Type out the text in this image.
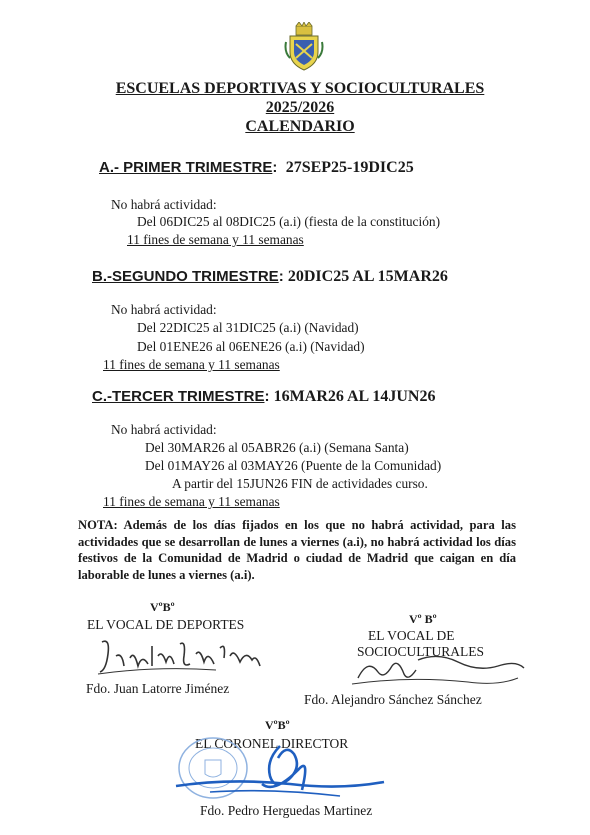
ESCUELAS DEPORTIVAS Y SOCIOCULTURALES
2025/2026
CALENDARIO
A.- PRIMER TRIMESTRE: 27SEP25-19DIC25
No habrá actividad:
Del 06DIC25 al 08DIC25 (a.i) (fiesta de la constitución)
11 fines de semana y 11 semanas
B.-SEGUNDO TRIMESTRE: 20DIC25 AL 15MAR26
No habrá actividad:
Del 22DIC25 al 31DIC25 (a.i) (Navidad)
Del 01ENE26 al 06ENE26 (a.i) (Navidad)
11 fines de semana y 11 semanas
C.-TERCER TRIMESTRE: 16MAR26 AL 14JUN26
No habrá actividad:
Del 30MAR26 al 05ABR26 (a.i) (Semana Santa)
Del 01MAY26 al 03MAY26 (Puente de la Comunidad)
A partir del 15JUN26 FIN de actividades curso.
11 fines de semana y 11 semanas
NOTA: Además de los días fijados en los que no habrá actividad, para las actividades que se desarrollan de lunes a viernes (a.i), no habrá actividad los días festivos de la Comunidad de Madrid o ciudad de Madrid que caigan en día laborable de lunes a viernes (a.i).
VºBº
EL VOCAL DE DEPORTES
Fdo. Juan Latorre Jiménez
Vº Bº
EL VOCAL DE
SOCIOCULTURALES
Fdo. Alejandro Sánchez Sánchez
VºBº
EL CORONEL DIRECTOR
Fdo. Pedro Herguedas Martinez
